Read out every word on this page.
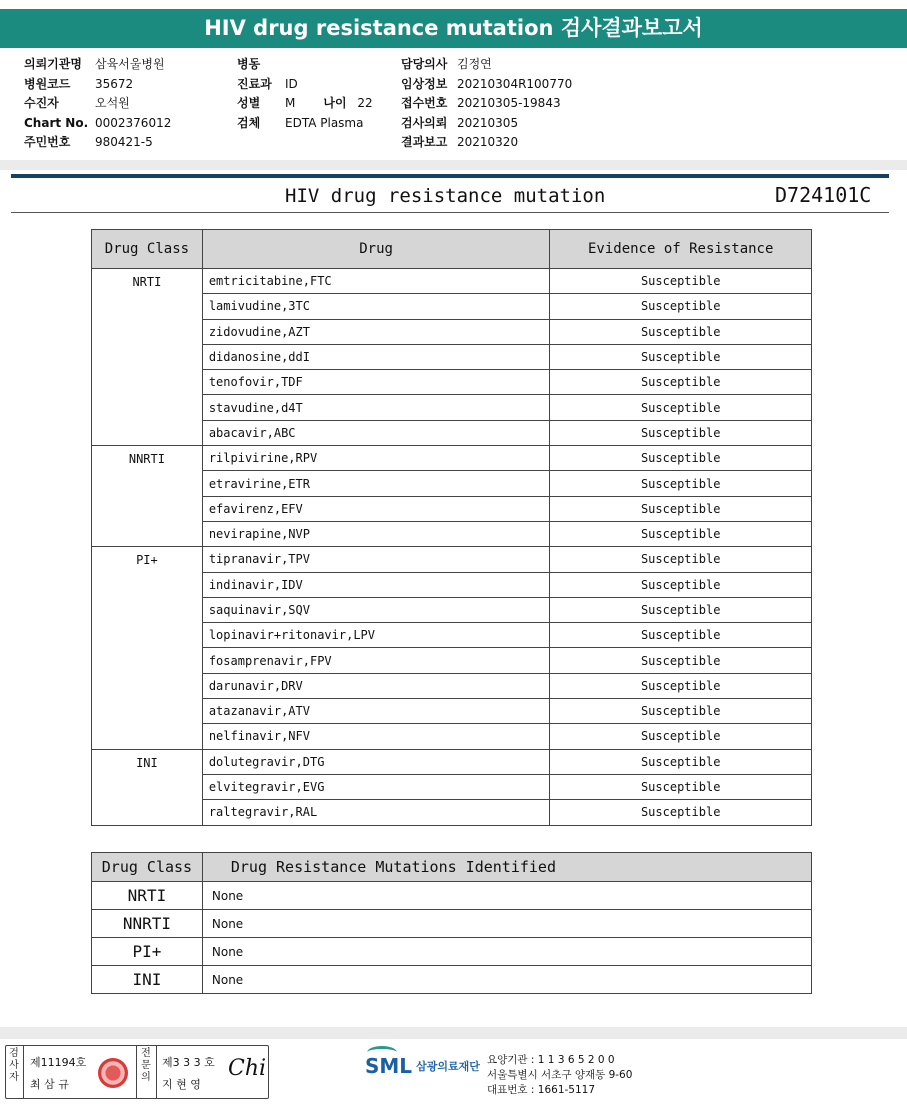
HIV drug resistance mutation 검사결과보고서
의뢰기관명	삼육서울병원
병원코드	35672
수진자	오석원
Chart No. 0002376012
주민번호	980421-5
병동
진료과	ID
성별	M 나이 22
검체	EDTA Plasma
담당의사 김정연
임상정보 20210304R100770
접수번호 20210305-19843
검사의뢰 20210305
결과보고 20210320
HIV drug resistance mutation	D724101C
Drug Class	Drug	Evidence of Resistance
NRTI	emtricitabine,FTC	Susceptible
	lamivudine,3TC	Susceptible
	zidovudine,AZT	Susceptible
	didanosine,ddI	Susceptible
	tenofovir,TDF	Susceptible
	stavudine,d4T	Susceptible
	abacavir,ABC	Susceptible
NNRTI	rilpivirine,RPV	Susceptible
	etravirine,ETR	Susceptible
	efavirenz,EFV	Susceptible
	nevirapine,NVP	Susceptible
PI+	tipranavir,TPV	Susceptible
	indinavir,IDV	Susceptible
	saquinavir,SQV	Susceptible
	lopinavir+ritonavir,LPV	Susceptible
	fosamprenavir,FPV	Susceptible
	darunavir,DRV	Susceptible
	atazanavir,ATV	Susceptible
	nelfinavir,NFV	Susceptible
INI	dolutegravir,DTG	Susceptible
	elvitegravir,EVG	Susceptible
	raltegravir,RAL	Susceptible
Drug Class	Drug Resistance Mutations Identified
NRTI	None
NNRTI	None
PI+	None
INI	None
검사자
제11194호
최 삼 규
전문의
제3 3 3 호
지 현 영
Chi	SML 삼광의료재단 요양기관 : 1 1 3 6 5 2 0 0
서울특별시 서초구 양재동 9-60
대표번호 : 1661-5117
